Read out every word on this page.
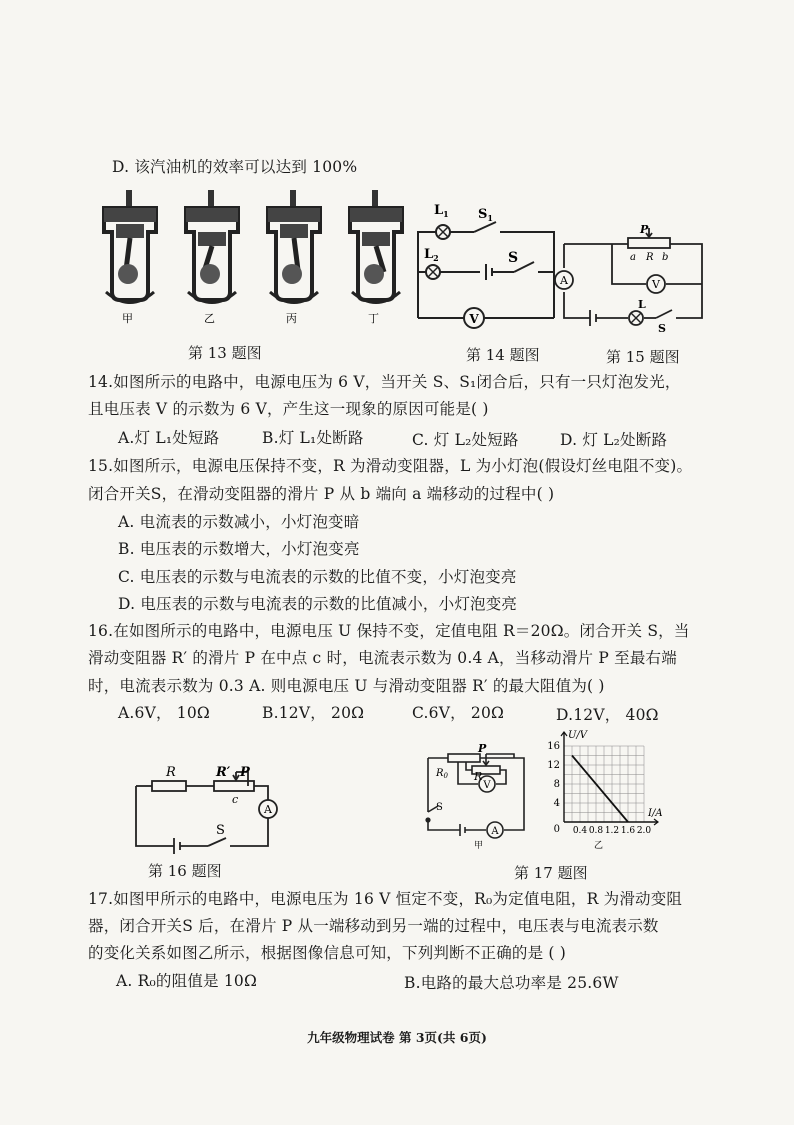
D. 该汽油机的效率可以达到 100%
甲	乙	丙	丁	V
$L_1$
$L_2$
$S_1$
S
A	V
P
a R b
L
S
第 13 题图	第 14 题图	第 15 题图
14.如图所示的电路中，电源电压为 6 V，当开关 S、S₁闭合后，只有一只灯泡发光，
且电压表 V 的示数为 6 V，产生这一现象的原因可能是( )
A.灯 L₁处短路	B.灯 L₁处断路	C. 灯 L₂处短路	D. 灯 L₂处断路
15.如图所示，电源电压保持不变，R 为滑动变阻器，L 为小灯泡(假设灯丝电阻不变)。
闭合开关S，在滑动变阻器的滑片 P 从 b 端向 a 端移动的过程中( )
A. 电流表的示数减小，小灯泡变暗
B. 电压表的示数增大，小灯泡变亮
C. 电压表的示数与电流表的示数的比值不变，小灯泡变亮
D. 电压表的示数与电流表的示数的比值减小，小灯泡变亮
16.在如图所示的电路中，电源电压 U 保持不变，定值电阻 R＝20Ω。闭合开关 S，当
滑动变阻器 R′ 的滑片 P 在中点 c 时，电流表示数为 0.4 A，当移动滑片 P 至最右端
时，电流表示数为 0.3 A. 则电源电压 U 与滑动变阻器 R′ 的最大阻值为( )
A.6V， 10Ω	B.12V， 20Ω	C.6V， 20Ω	D.12V， 40Ω
A
R	R′ P
c
S
第 16 题图
V
A
P
$R_0$ R
S
甲
0.4 0.8 1.2 1.6 2.0
4
8
12
16
0
I/A
U/V
乙
第 17 题图
17.如图甲所示的电路中，电源电压为 16 V 恒定不变，R₀为定值电阻，R 为滑动变阻
器，闭合开关S 后，在滑片 P 从一端移动到另一端的过程中，电压表与电流表示数
的变化关系如图乙所示，根据图像信息可知，下列判断不正确的是 ( )
A. R₀的阻值是 10Ω	B.电路的最大总功率是 25.6W
九年级物理试卷 第 3页(共 6页)
